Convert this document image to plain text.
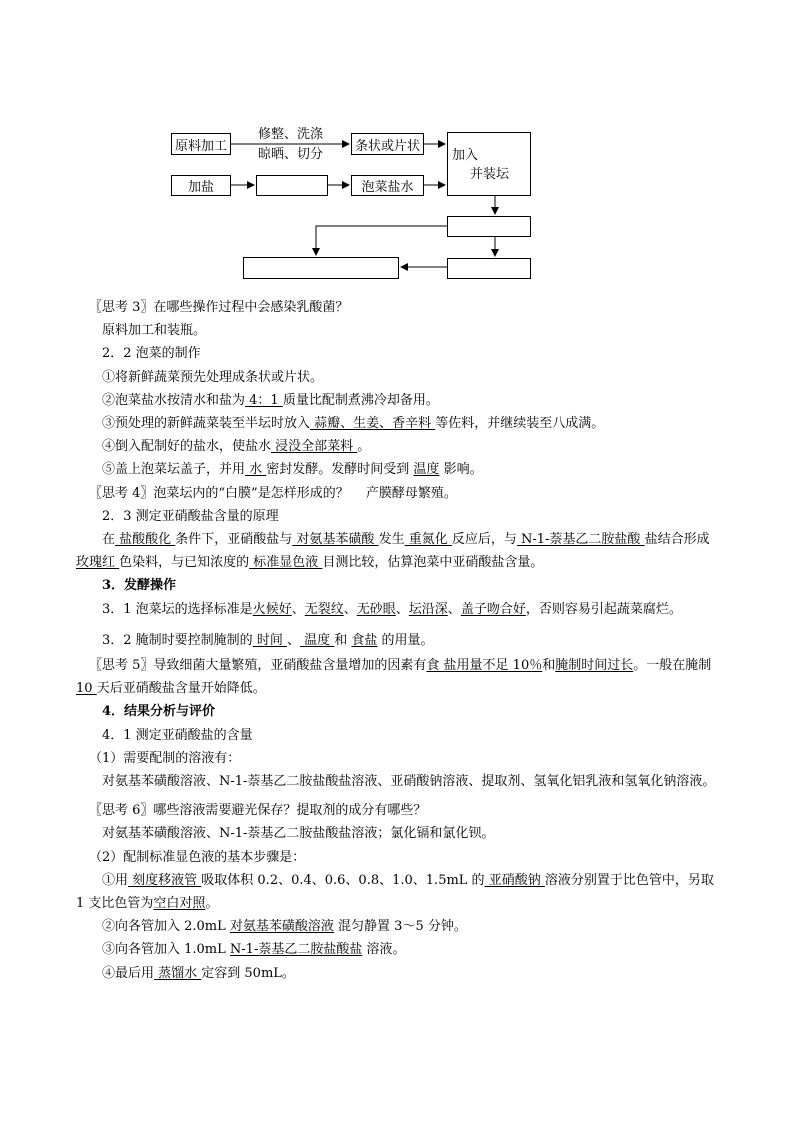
原料加工
修整、洗涤
晾晒、切分
条状或片状
加入
并装坛
加盐	泡菜盐水

〖思考 3〗在哪些操作过程中会感染乳酸菌？

原料加工和装瓶。

2．2 泡菜的制作

①将新鲜蔬菜预先处理成条状或片状。

②泡菜盐水按清水和盐为 4：1 质量比配制煮沸冷却备用。

③预处理的新鲜蔬菜装至半坛时放入 蒜瓣、生姜、香辛料 等佐料，并继续装至八成满。

④倒入配制好的盐水，使盐水 浸没全部菜料 。

⑤盖上泡菜坛盖子，并用 水 密封发酵。发酵时间受到 温度 影响。

〖思考 4〗泡菜坛内的“白膜”是怎样形成的？　 产膜酵母繁殖。

2．3 测定亚硝酸盐含量的原理

在 盐酸酸化 条件下，亚硝酸盐与 对氨基苯磺酸 发生 重氮化 反应后，与 N-1-萘基乙二胺盐酸 盐结合形成 玫瑰红 色染料，与已知浓度的 标准显色液 目测比较，估算泡菜中亚硝酸盐含量。

3．发酵操作

3．1 泡菜坛的选择标准是火候好、无裂纹、无砂眼、坛沿深、盖子吻合好，否则容易引起蔬菜腐烂。

3．2 腌制时要控制腌制的 时间 、 温度 和 食盐 的用量。

〖思考 5〗导致细菌大量繁殖，亚硝酸盐含量增加的因素有食 盐用量不足 10％和腌制时间过长。一般在腌制 10 天后亚硝酸盐含量开始降低。

4．结果分析与评价

4．1 测定亚硝酸盐的含量

（1）需要配制的溶液有：

对氨基苯磺酸溶液、N-1-萘基乙二胺盐酸盐溶液、亚硝酸钠溶液、提取剂、氢氧化铝乳液和氢氧化钠溶液。

〖思考 6〗哪些溶液需要避光保存？提取剂的成分有哪些？

对氨基苯磺酸溶液、N-1-萘基乙二胺盐酸盐溶液；氯化镉和氯化钡。

（2）配制标准显色液的基本步骤是：

①用 刻度移液管 吸取体积 0.2、0.4、0.6、0.8、1.0、1.5mL 的 亚硝酸钠 溶液分别置于比色管中，另取 1 支比色管为空白对照。

②向各管加入 2.0mL 对氨基苯磺酸溶液 混匀静置 3～5 分钟。

③向各管加入 1.0mL N-1-萘基乙二胺盐酸盐 溶液。

④最后用 蒸馏水 定容到 50mL。
